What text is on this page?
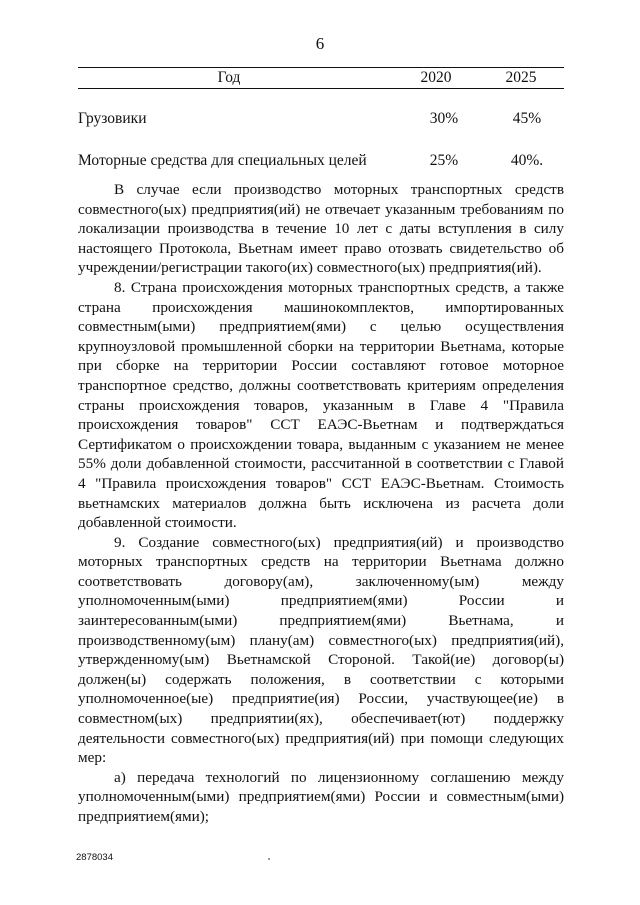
6
Год	2020	2025

Грузовики	30%	45%

Моторные средства для специальных целей	25%	40%.

В случае если производство моторных транспортных средств совместного(ых) предприятия(ий) не отвечает указанным требованиям по локализации производства в течение 10 лет с даты вступления в силу настоящего Протокола, Вьетнам имеет право отозвать свидетельство об учреждении/регистрации такого(их) совместного(ых) предприятия(ий).

8. Страна происхождения моторных транспортных средств, а также страна происхождения машинокомплектов, импортированных совместным(ыми) предприятием(ями) с целью осуществления крупноузловой промышленной сборки на территории Вьетнама, которые при сборке на территории России составляют готовое моторное транспортное средство, должны соответствовать критериям определения страны происхождения товаров, указанным в Главе 4 "Правила происхождения товаров" ССТ ЕАЭС-Вьетнам и подтверждаться Сертификатом о происхождении товара, выданным с указанием не менее 55% доли добавленной стоимости, рассчитанной в соответствии с Главой 4 "Правила происхождения товаров" ССТ ЕАЭС-Вьетнам. Стоимость вьетнамских материалов должна быть исключена из расчета доли добавленной стоимости.

9. Создание совместного(ых) предприятия(ий) и производство моторных транспортных средств на территории Вьетнама должно соответствовать договору(ам), заключенному(ым) между уполномоченным(ыми) предприятием(ями) России и заинтересованным(ыми) предприятием(ями) Вьетнама, и производственному(ым) плану(ам) совместного(ых) предприятия(ий), утвержденному(ым) Вьетнамской Стороной. Такой(ие) договор(ы) должен(ы) содержать положения, в соответствии с которыми уполномоченное(ые) предприятие(ия) России, участвующее(ие) в совместном(ых) предприятии(ях), обеспечивает(ют) поддержку деятельности совместного(ых) предприятия(ий) при помощи следующих мер:

а) передача технологий по лицензионному соглашению между уполномоченным(ыми) предприятием(ями) России и совместным(ыми) предприятием(ями);

2878034
